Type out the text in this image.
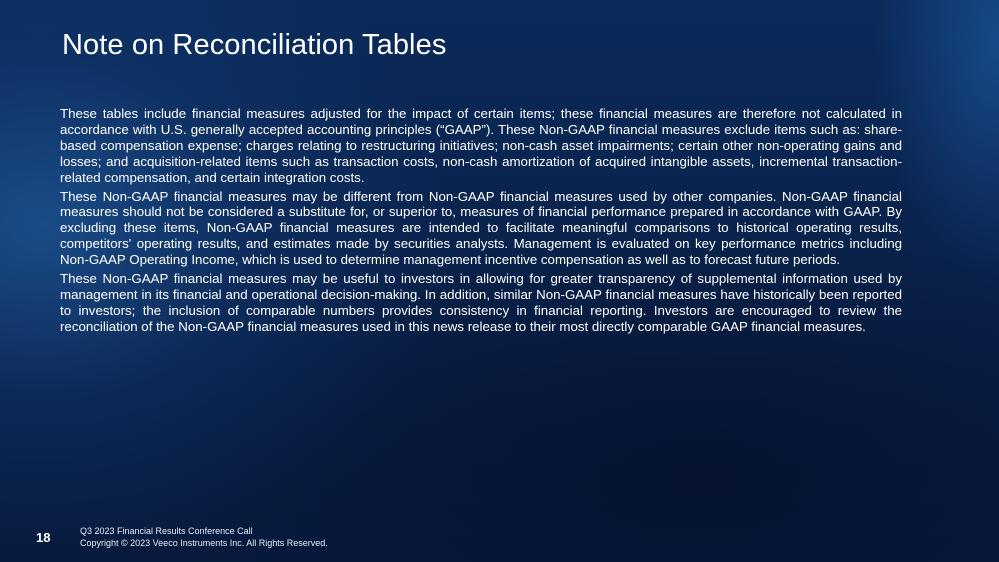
Note on Reconciliation Tables

These tables include financial measures adjusted for the impact of certain items; these financial measures are therefore not calculated in accordance with U.S. generally accepted accounting principles (“GAAP”). These Non-GAAP financial measures exclude items such as: share-based compensation expense; charges relating to restructuring initiatives; non-cash asset impairments; certain other non-operating gains and losses; and acquisition-related items such as transaction costs, non-cash amortization of acquired intangible assets, incremental transaction-related compensation, and certain integration costs.

These Non-GAAP financial measures may be different from Non-GAAP financial measures used by other companies. Non-GAAP financial measures should not be considered a substitute for, or superior to, measures of financial performance prepared in accordance with GAAP. By excluding these items, Non-GAAP financial measures are intended to facilitate meaningful comparisons to historical operating results, competitors' operating results, and estimates made by securities analysts. Management is evaluated on key performance metrics including Non-GAAP Operating Income, which is used to determine management incentive compensation as well as to forecast future periods.

These Non-GAAP financial measures may be useful to investors in allowing for greater transparency of supplemental information used by management in its financial and operational decision-making. In addition, similar Non-GAAP financial measures have historically been reported to investors; the inclusion of comparable numbers provides consistency in financial reporting. Investors are encouraged to review the reconciliation of the Non-GAAP financial measures used in this news release to their most directly comparable GAAP financial measures.

18	Q3 2023 Financial Results Conference Call
Copyright © 2023 Veeco Instruments Inc. All Rights Reserved.
